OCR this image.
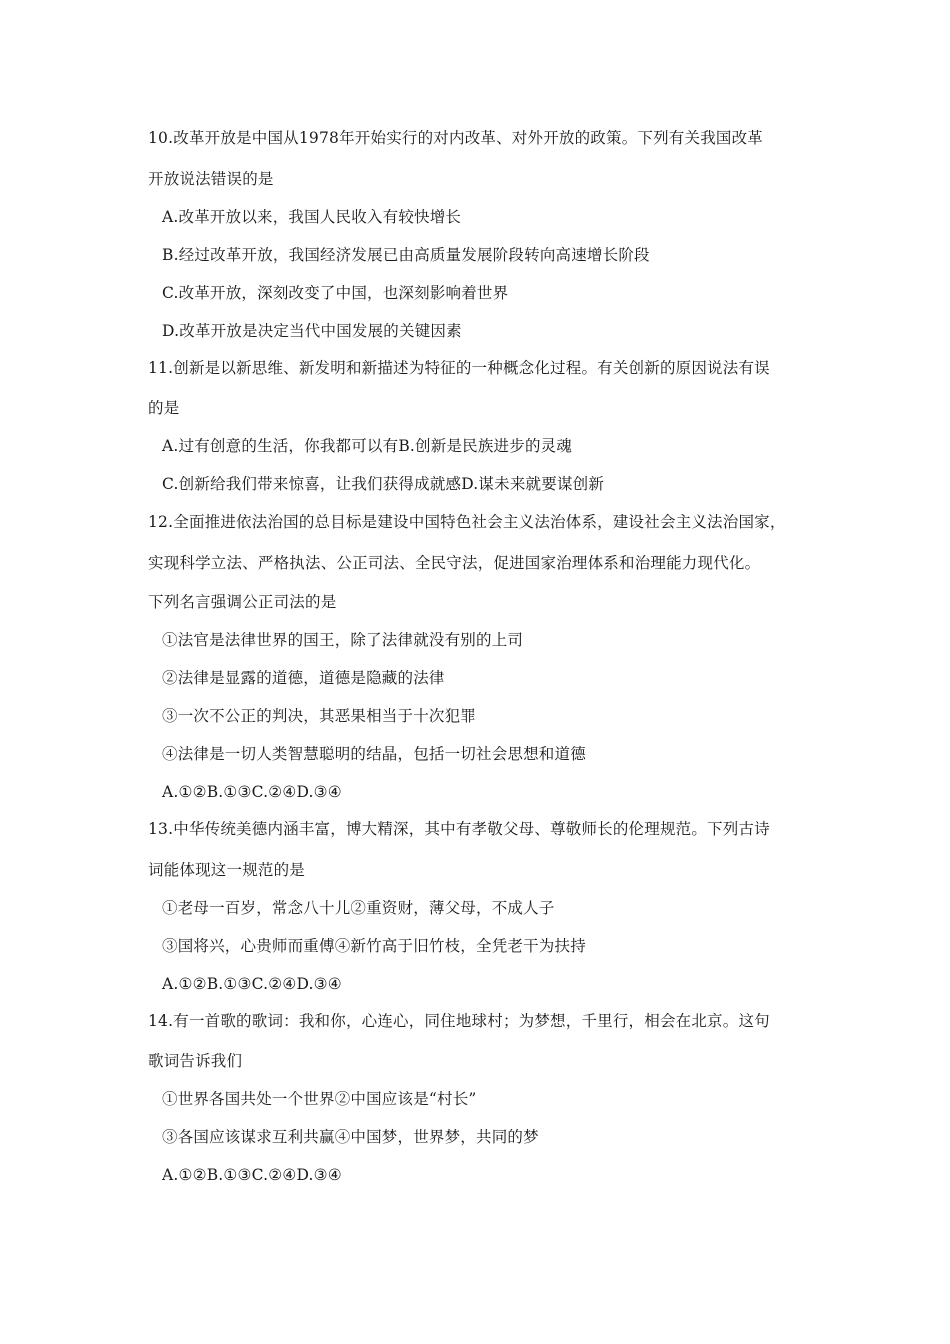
10.改革开放是中国从1978年开始实行的对内改革、对外开放的政策。下列有关我国改革
开放说法错误的是
A.改革开放以来，我国人民收入有较快增长
B.经过改革开放，我国经济发展已由高质量发展阶段转向高速增长阶段
C.改革开放，深刻改变了中国，也深刻影响着世界
D.改革开放是决定当代中国发展的关键因素
11.创新是以新思维、新发明和新描述为特征的一种概念化过程。有关创新的原因说法有误
的是
A.过有创意的生活，你我都可以有B.创新是民族进步的灵魂
C.创新给我们带来惊喜，让我们获得成就感D.谋未来就要谋创新
12.全面推进依法治国的总目标是建设中国特色社会主义法治体系，建设社会主义法治国家，
实现科学立法、严格执法、公正司法、全民守法，促进国家治理体系和治理能力现代化。
下列名言强调公正司法的是
①法官是法律世界的国王，除了法律就没有别的上司
②法律是显露的道德，道德是隐藏的法律
③一次不公正的判决，其恶果相当于十次犯罪
④法律是一切人类智慧聪明的结晶，包括一切社会思想和道德
A.①②B.①③C.②④D.③④
13.中华传统美德内涵丰富，博大精深，其中有孝敬父母、尊敬师长的伦理规范。下列古诗
词能体现这一规范的是
①老母一百岁，常念八十儿②重资财，薄父母，不成人子
③国将兴，心贵师而重傅④新竹高于旧竹枝，全凭老干为扶持
A.①②B.①③C.②④D.③④
14.有一首歌的歌词：我和你，心连心，同住地球村；为梦想，千里行，相会在北京。这句
歌词告诉我们
①世界各国共处一个世界②中国应该是“村长”
③各国应该谋求互利共赢④中国梦，世界梦，共同的梦
A.①②B.①③C.②④D.③④
